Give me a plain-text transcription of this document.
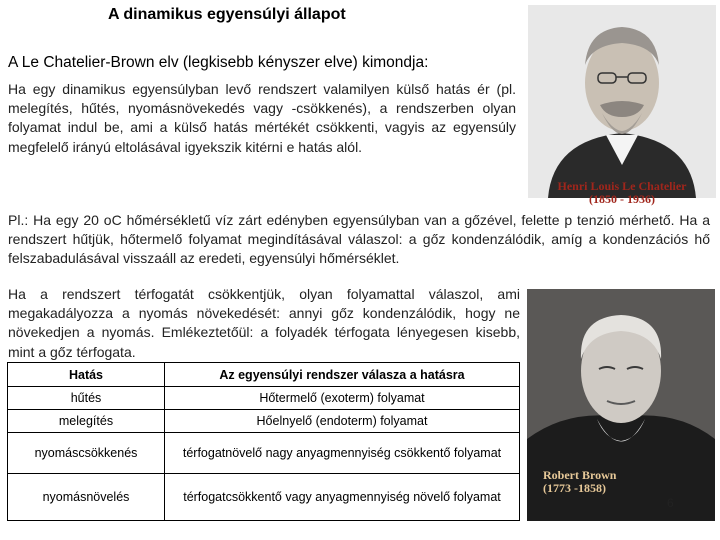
A dinamikus egyensúlyi állapot
A Le Chatelier-Brown elv (legkisebb kényszer elve) kimondja:
Ha egy dinamikus egyensúlyban levő rendszert valamilyen külső hatás ér (pl. melegítés, hűtés, nyomásnövekedés vagy -csökkenés), a rendszerben olyan folyamat indul be, ami a külső hatás mértékét csökkenti, vagyis az egyensúly megfelelő irányú eltolásával igyekszik kitérni e hatás alól.
Henri Louis Le Chatelier
(1850 - 1936)
Pl.: Ha egy 20 oC hőmérsékletű víz zárt edényben egyensúlyban van a gőzével, felette p tenzió mérhető. Ha a rendszert hűtjük, hőtermelő folyamat megindításával válaszol: a gőz kondenzálódik, amíg a kondenzációs hő felszabadulásával visszaáll az eredeti, egyensúlyi hőmérséklet.
Ha a rendszert térfogatát csökkentjük, olyan folyamattal válaszol, ami megakadályozza a nyomás növekedését: annyi gőz kondenzálódik, hogy ne növekedjen a nyomás. Emlékeztetőül: a folyadék térfogata lényegesen kisebb, mint a gőz térfogata.
Robert Brown
(1773 -1858)
Hatás	Az egyensúlyi rendszer válasza a hatásra
hűtés	Hőtermelő (exoterm) folyamat
melegítés	Hőelnyelő (endoterm) folyamat
nyomáscsökkenés	térfogatnövelő nagy anyagmennyiség csökkentő folyamat
nyomásnövelés	térfogatcsökkentő vagy anyagmennyiség növelő folyamat	6
